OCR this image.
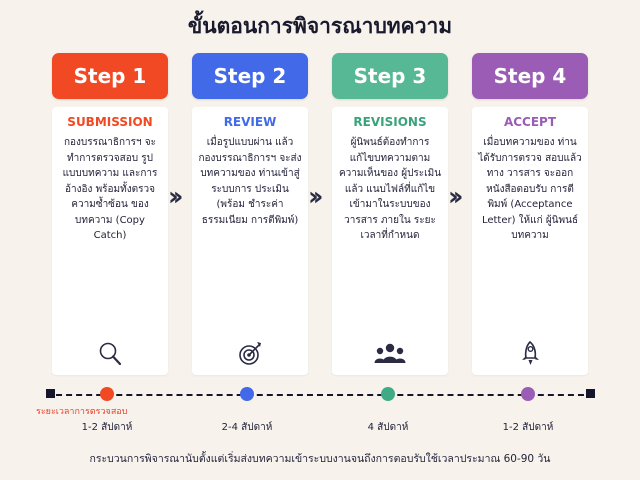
ขั้นตอนการพิจารณาบทความ
Step 1
SUBMISSION
กองบรรณาธิการฯ จะทำการตรวจสอบ รูปแบบบทความ และการอ้างอิง พร้อมทั้งตรวจ ความซ้ำซ้อน ของบทความ (Copy Catch)
Step 2
REVIEW
เมื่อรูปแบบผ่าน แล้ว กองบรรณาธิการฯ จะส่งบทความของ ท่านเข้าสู่ระบบการ ประเมิน (พร้อม ชำระค่าธรรมเนียม การตีพิมพ์)
Step 3
REVISIONS
ผู้นิพนธ์ต้องทำการ แก้ไขบทความตาม ความเห็นของ ผู้ประเมิน แล้ว แนบไฟล์ที่แก้ไข เข้ามาในระบบของ วารสาร ภายใน ระยะเวลาที่กำหนด
Step 4
ACCEPT
เมื่อบทความของ ท่านได้รับการตรวจ สอบแล้ว ทาง วารสาร จะออก หนังสือตอบรับ การตีพิมพ์ (Acceptance Letter) ให้แก่ ผู้นิพนธ์บทความ
››	››	››
ระยะเวลาการตรวจสอบ
1-2 สัปดาห์	2-4 สัปดาห์	4 สัปดาห์	1-2 สัปดาห์
กระบวนการพิจารณานับตั้งแต่เริ่มส่งบทความเข้าระบบงานจนถึงการตอบรับใช้เวลาประมาณ 60-90 วัน
